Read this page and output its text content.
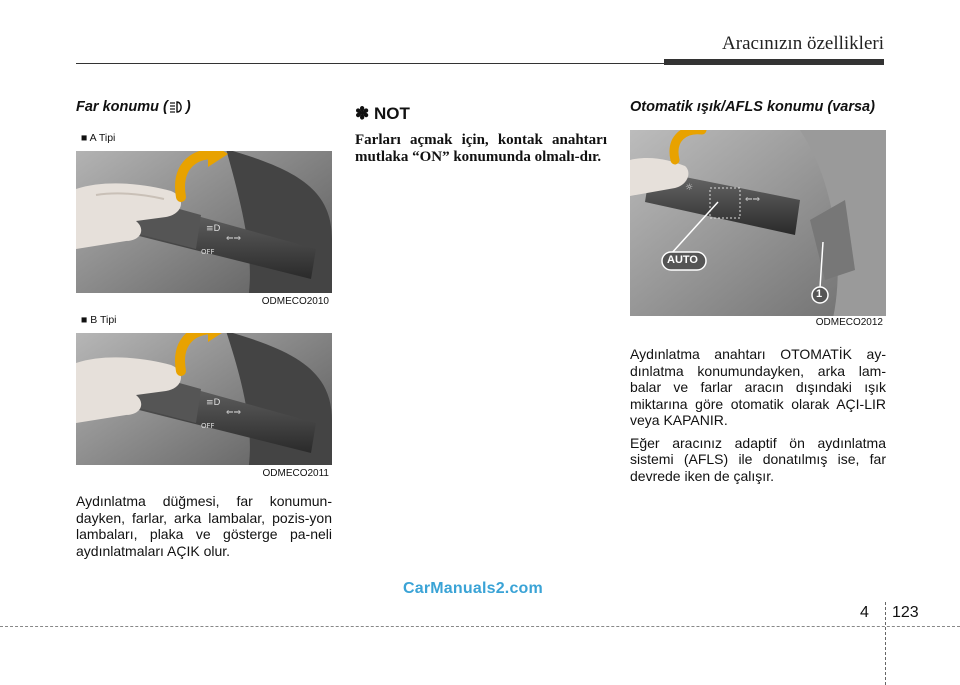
Aracınızın özellikleri
Far konumu ( )
■ A Tipi
≡D
⇐⇒
OFF
ODMECO2010
■ B Tipi
≡D
⇐⇒
OFF
ODMECO2011

Aydınlatma düğmesi, far konumun-dayken, farlar, arka lambalar, pozis-yon lambaları, plaka ve gösterge pa-neli aydınlatmaları AÇIK olur.

✽ NOT

Farları açmak için, kontak anahtarı mutlaka “ON” konumunda olmalı-dır.

Otomatik ışık/AFLS konumu (varsa)
☼
⇐⇒
AUTO
1
ODMECO2012

Aydınlatma anahtarı OTOMATİK ay-dınlatma konumundayken, arka lam-balar ve farlar aracın dışındaki ışık miktarına göre otomatik olarak AÇI-LIR veya KAPANIR.

Eğer aracınız adaptif ön aydınlatma sistemi (AFLS) ile donatılmış ise, far devrede iken de çalışır.

CarManuals2.com
4 123
